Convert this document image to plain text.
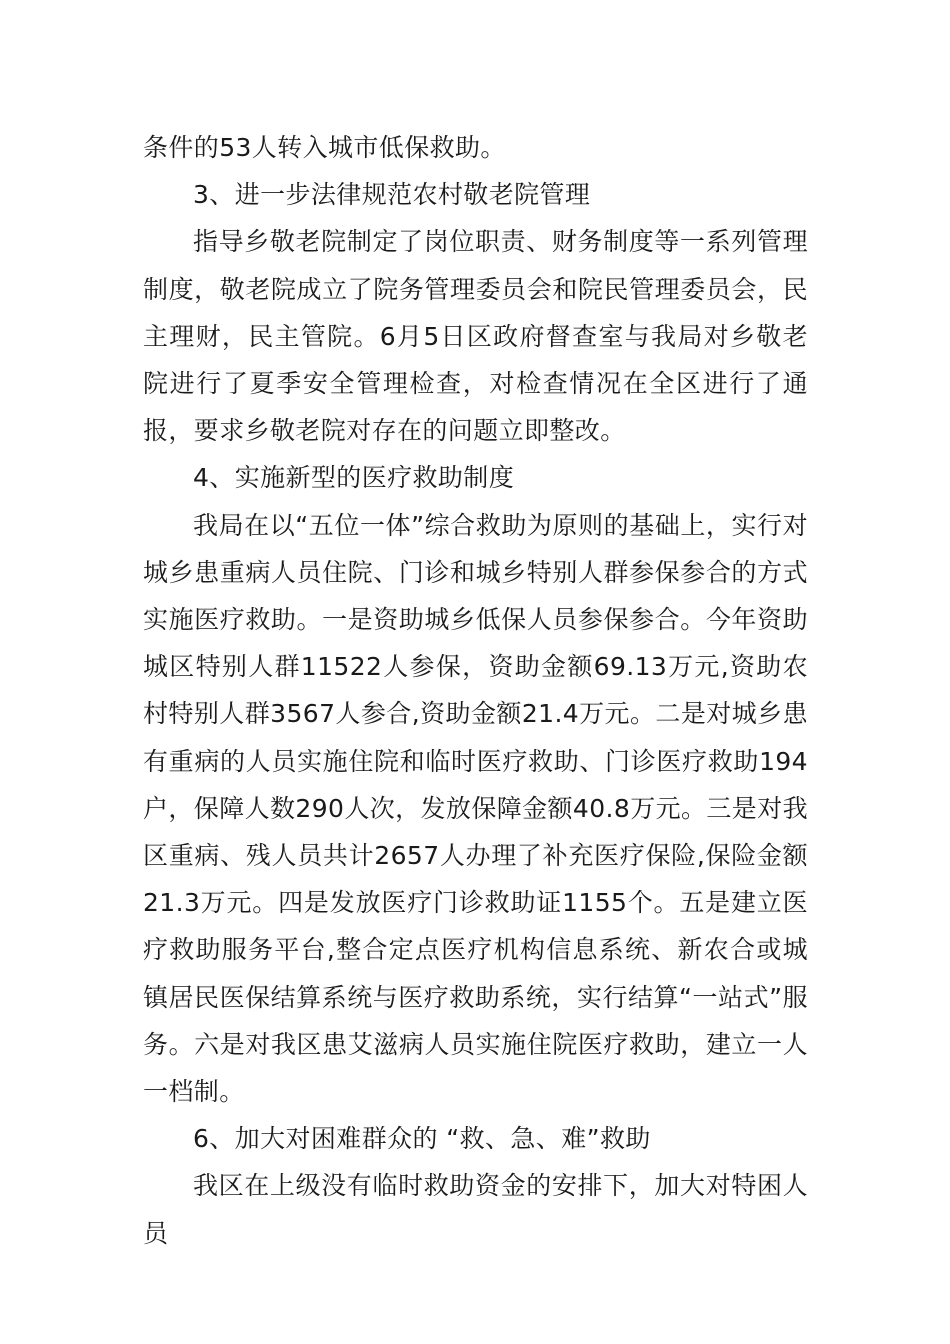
条件的53人转入城市低保救助。

3、进一步法律规范农村敬老院管理

指导乡敬老院制定了岗位职责、财务制度等一系列管理制度，敬老院成立了院务管理委员会和院民管理委员会，民主理财，民主管院。6月5日区政府督查室与我局对乡敬老院进行了夏季安全管理检查，对检查情况在全区进行了通报，要求乡敬老院对存在的问题立即整改。

4、实施新型的医疗救助制度

我局在以“五位一体”综合救助为原则的基础上，实行对城乡患重病人员住院、门诊和城乡特别人群参保参合的方式实施医疗救助。一是资助城乡低保人员参保参合。今年资助城区特别人群11522人参保，资助金额69.13万元,资助农村特别人群3567人参合,资助金额21.4万元。二是对城乡患有重病的人员实施住院和临时医疗救助、门诊医疗救助194户，保障人数290人次，发放保障金额40.8万元。三是对我区重病、残人员共计2657人办理了补充医疗保险,保险金额21.3万元。四是发放医疗门诊救助证1155个。五是建立医疗救助服务平台,整合定点医疗机构信息系统、新农合或城镇居民医保结算系统与医疗救助系统，实行结算“一站式”服务。六是对我区患艾滋病人员实施住院医疗救助，建立一人一档制。

6、加大对困难群众的 “救、急、难”救助

我区在上级没有临时救助资金的安排下，加大对特困人员
